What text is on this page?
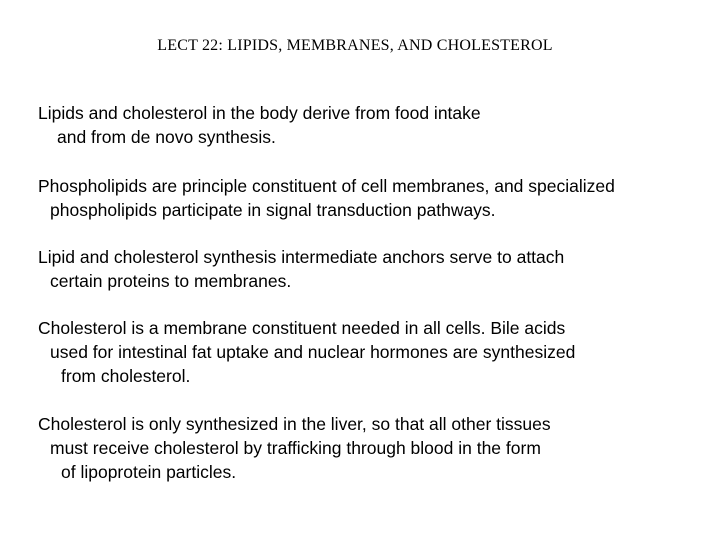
LECT 22: LIPIDS, MEMBRANES, AND CHOLESTEROL
Lipids and cholesterol in the body derive from food intake
and from de novo synthesis.
Phospholipids are principle constituent of cell membranes, and specialized
phospholipids participate in signal transduction pathways.
Lipid and cholesterol synthesis intermediate anchors serve to attach
certain proteins to membranes.
Cholesterol is a membrane constituent needed in all cells. Bile acids
used for intestinal fat uptake and nuclear hormones are synthesized
from cholesterol.
Cholesterol is only synthesized in the liver, so that all other tissues
must receive cholesterol by trafficking through blood in the form
of lipoprotein particles.
